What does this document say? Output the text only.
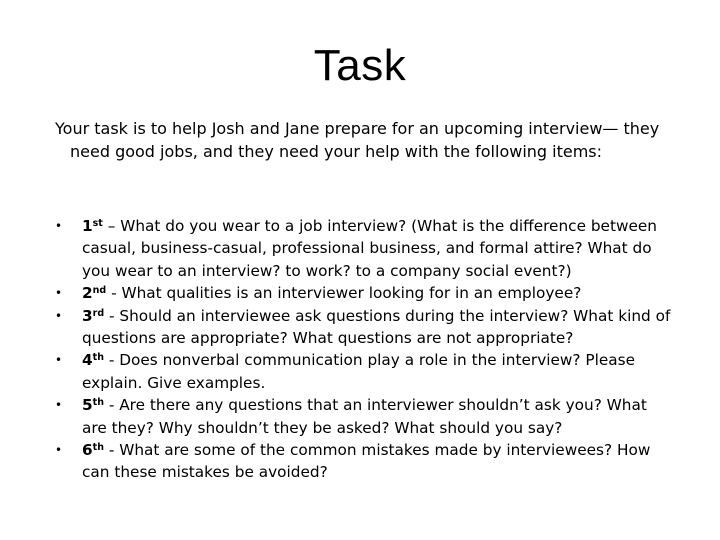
Task

Your task is to help Josh and Jane prepare for an upcoming interview— they need good jobs, and they need your help with the following items:

• 1st – What do you wear to a job interview? (What is the difference between casual, business-casual, professional business, and formal attire? What do you wear to an interview? to work? to a company social event?)
• 2nd - What qualities is an interviewer looking for in an employee?
• 3rd - Should an interviewee ask questions during the interview? What kind of questions are appropriate? What questions are not appropriate?
• 4th - Does nonverbal communication play a role in the interview? Please explain. Give examples.
• 5th - Are there any questions that an interviewer shouldn’t ask you? What are they? Why shouldn’t they be asked? What should you say?
• 6th - What are some of the common mistakes made by interviewees? How can these mistakes be avoided?
